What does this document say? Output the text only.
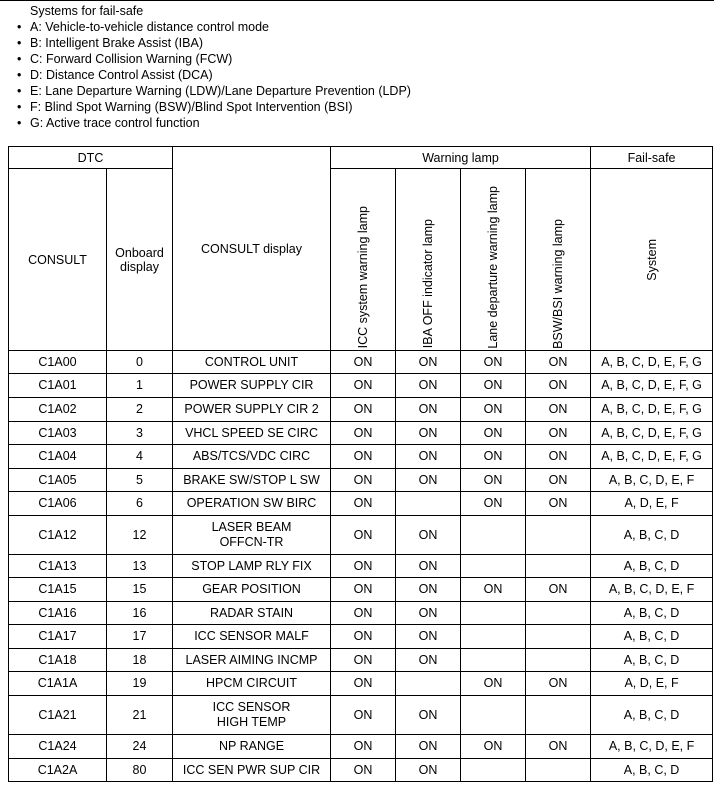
Systems for fail-safe
• A: Vehicle-to-vehicle distance control mode
• B: Intelligent Brake Assist (IBA)
• C: Forward Collision Warning (FCW)
• D: Distance Control Assist (DCA)
• E: Lane Departure Warning (LDW)/Lane Departure Prevention (LDP)
• F: Blind Spot Warning (BSW)/Blind Spot Intervention (BSI)
• G: Active trace control function
DTC		CONSULT display	Warning lamp				Fail-safe
CONSULT	Onboard display		ICC system warning lamp	IBA OFF indicator lamp	Lane departure warning lamp	BSW/BSI warning lamp	System

C1A00	0	CONTROL UNIT	ON	ON	ON	ON	A, B, C, D, E, F, G
C1A01	1	POWER SUPPLY CIR	ON	ON	ON	ON	A, B, C, D, E, F, G
C1A02	2	POWER SUPPLY CIR 2	ON	ON	ON	ON	A, B, C, D, E, F, G
C1A03	3	VHCL SPEED SE CIRC	ON	ON	ON	ON	A, B, C, D, E, F, G
C1A04	4	ABS/TCS/VDC CIRC	ON	ON	ON	ON	A, B, C, D, E, F, G
C1A05	5	BRAKE SW/STOP L SW	ON	ON	ON	ON	A, B, C, D, E, F
C1A06	6	OPERATION SW BIRC	ON		ON	ON	A, D, E, F
C1A12	12	LASER BEAM OFFCN-TR	ON	ON			A, B, C, D
C1A13	13	STOP LAMP RLY FIX	ON	ON			A, B, C, D
C1A15	15	GEAR POSITION	ON	ON	ON	ON	A, B, C, D, E, F
C1A16	16	RADAR STAIN	ON	ON			A, B, C, D
C1A17	17	ICC SENSOR MALF	ON	ON			A, B, C, D
C1A18	18	LASER AIMING INCMP	ON	ON			A, B, C, D
C1A1A	19	HPCM CIRCUIT	ON		ON	ON	A, D, E, F
C1A21	21	ICC SENSOR HIGH TEMP	ON	ON			A, B, C, D
C1A24	24	NP RANGE	ON	ON	ON	ON	A, B, C, D, E, F
C1A2A	80	ICC SEN PWR SUP CIR	ON	ON			A, B, C, D
